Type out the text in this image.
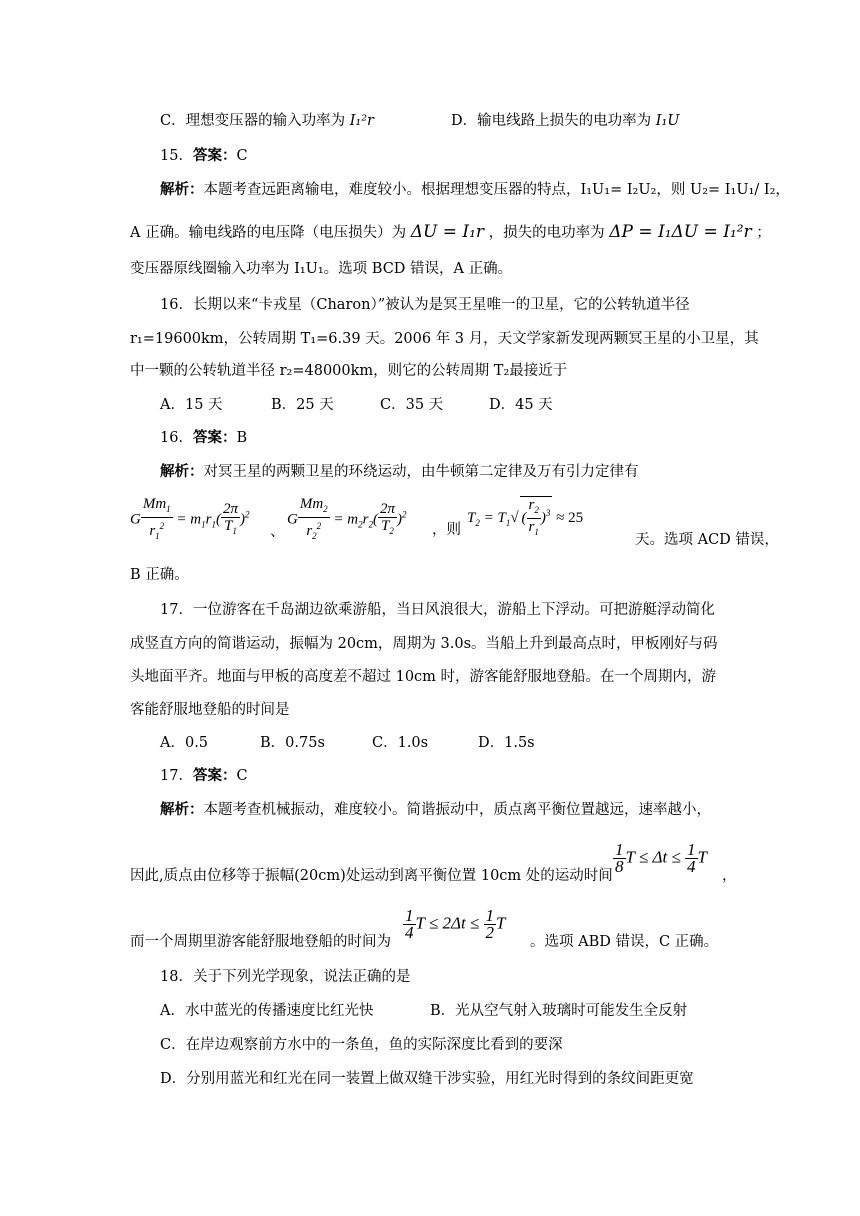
C．理想变压器的输入功率为 I₁²r	D．输电线路上损失的电功率为 I₁U
15．答案：C
解析：本题考查远距离输电，难度较小。根据理想变压器的特点，I₁U₁= I₂U₂，则 U₂= I₁U₁/ I₂，
A 正确。输电线路的电压降（电压损失）为 ΔU = I₁r ，损失的电功率为 ΔP = I₁ΔU = I₁²r ；
变压器原线圈输入功率为 I₁U₁。选项 BCD 错误，A 正确。
16．长期以来“卡戎星（Charon）”被认为是冥王星唯一的卫星，它的公转轨道半径
r₁=19600km，公转周期 T₁=6.39 天。2006 年 3 月，天文学家新发现两颗冥王星的小卫星，其
中一颗的公转轨道半径 r₂=48000km，则它的公转周期 T₂最接近于
A．15 天	B．25 天	C．35 天	D．45 天
16．答案：B
解析：对冥王星的两颗卫星的环绕运动，由牛顿第二定律及万有引力定律有
G $\frac{Mm_1}{r_1^2} = m_1r_1( \frac{2\pi}{T_1} )^2$
、
G $\frac{Mm_2}{r_2^2} = m_2r_2( \frac{2\pi}{T_2} )^2$
，则
$T_2 = T_1√$ ( $\frac{r_2}{r_1} )^3 \approx 25$
天。选项 ACD 错误，
B 正确。
17．一位游客在千岛湖边欲乘游船，当日风浪很大，游船上下浮动。可把游艇浮动简化
成竖直方向的简谐运动，振幅为 20cm，周期为 3.0s。当船上升到最高点时，甲板刚好与码
头地面平齐。地面与甲板的高度差不超过 10cm 时，游客能舒服地登船。在一个周期内，游
客能舒服地登船的时间是
A．0.5	B．0.75s	C．1.0s	D．1.5s
17．答案：C
解析：本题考查机械振动，难度较小。简谐振动中，质点离平衡位置越远，速率越小，
因此,质点由位移等于振幅(20cm)处运动到离平衡位置 10cm 处的运动时间
$\frac{1}{8}$ $T \le \Delta t \le \frac{1}{4}$ T
，
而一个周期里游客能舒服地登船的时间为
$\frac{1}{4}$ $T \le 2\Delta t \le \frac{1}{2}$ T
。选项 ABD 错误，C 正确。
18．关于下列光学现象，说法正确的是
A．水中蓝光的传播速度比红光快	B．光从空气射入玻璃时可能发生全反射
C．在岸边观察前方水中的一条鱼，鱼的实际深度比看到的要深
D．分别用蓝光和红光在同一装置上做双缝干涉实验，用红光时得到的条纹间距更宽
